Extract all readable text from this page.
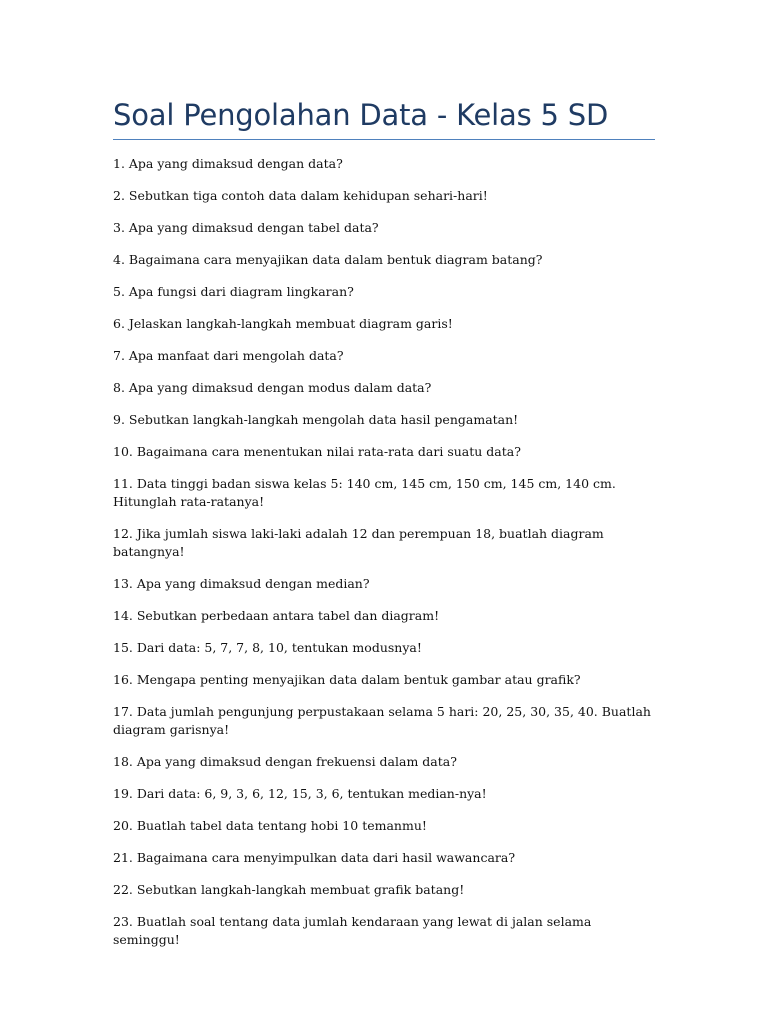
Soal Pengolahan Data - Kelas 5 SD
1. Apa yang dimaksud dengan data?
2. Sebutkan tiga contoh data dalam kehidupan sehari-hari!
3. Apa yang dimaksud dengan tabel data?
4. Bagaimana cara menyajikan data dalam bentuk diagram batang?
5. Apa fungsi dari diagram lingkaran?
6. Jelaskan langkah-langkah membuat diagram garis!
7. Apa manfaat dari mengolah data?
8. Apa yang dimaksud dengan modus dalam data?
9. Sebutkan langkah-langkah mengolah data hasil pengamatan!
10. Bagaimana cara menentukan nilai rata-rata dari suatu data?
11. Data tinggi badan siswa kelas 5: 140 cm, 145 cm, 150 cm, 145 cm, 140 cm. Hitunglah rata-ratanya!
12. Jika jumlah siswa laki-laki adalah 12 dan perempuan 18, buatlah diagram batangnya!
13. Apa yang dimaksud dengan median?
14. Sebutkan perbedaan antara tabel dan diagram!
15. Dari data: 5, 7, 7, 8, 10, tentukan modusnya!
16. Mengapa penting menyajikan data dalam bentuk gambar atau grafik?
17. Data jumlah pengunjung perpustakaan selama 5 hari: 20, 25, 30, 35, 40. Buatlah diagram garisnya!
18. Apa yang dimaksud dengan frekuensi dalam data?
19. Dari data: 6, 9, 3, 6, 12, 15, 3, 6, tentukan median-nya!
20. Buatlah tabel data tentang hobi 10 temanmu!
21. Bagaimana cara menyimpulkan data dari hasil wawancara?
22. Sebutkan langkah-langkah membuat grafik batang!
23. Buatlah soal tentang data jumlah kendaraan yang lewat di jalan selama seminggu!
